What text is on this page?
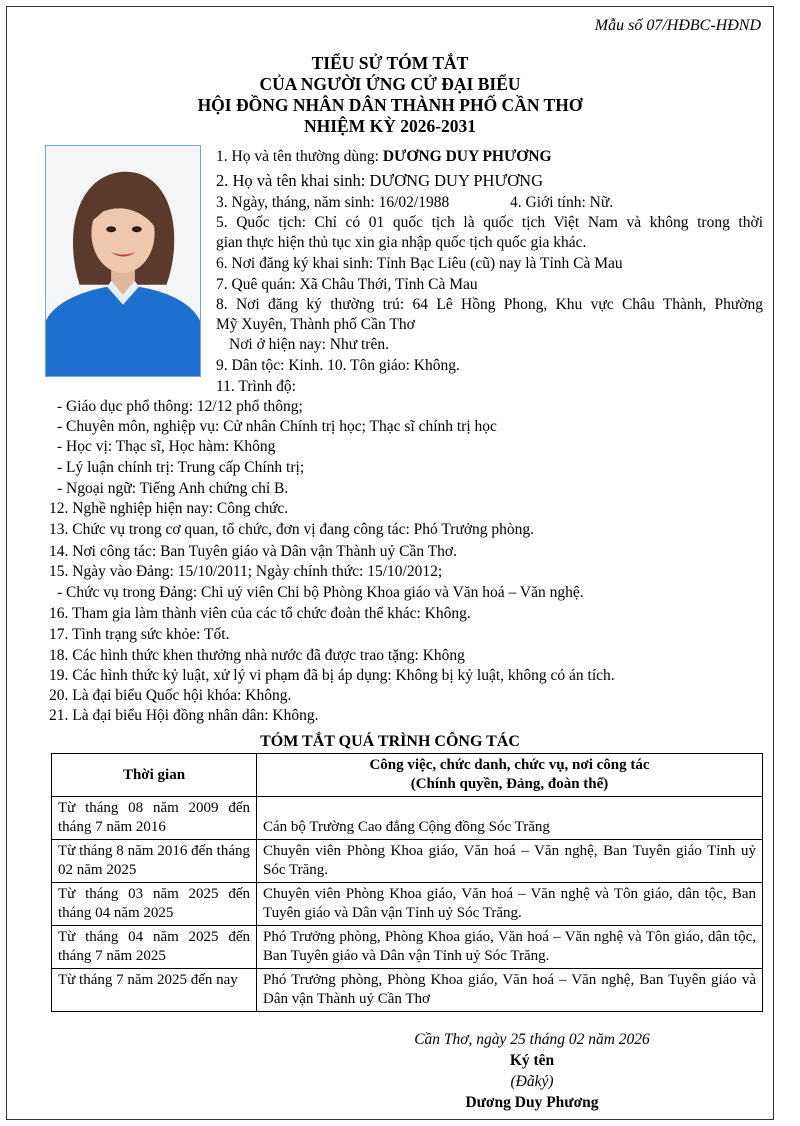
Mẫu số 07/HĐBC-HĐND
TIỂU SỬ TÓM TẮT
CỦA NGƯỜI ỨNG CỬ ĐẠI BIỂU
HỘI ĐỒNG NHÂN DÂN THÀNH PHỐ CẦN THƠ
NHIỆM KỲ 2026-2031
1. Họ và tên thường dùng: DƯƠNG DUY PHƯƠNG
2. Họ và tên khai sinh: DƯƠNG DUY PHƯƠNG
3. Ngày, tháng, năm sinh: 16/02/1988	4. Giới tính: Nữ.
5. Quốc tịch: Chỉ có 01 quốc tịch là quốc tịch Việt Nam và không trong thời
gian thực hiện thủ tục xin gia nhập quốc tịch quốc gia khác.
6. Nơi đăng ký khai sinh: Tỉnh Bạc Liêu (cũ) nay là Tỉnh Cà Mau
7. Quê quán: Xã Châu Thới, Tỉnh Cà Mau
8. Nơi đăng ký thường trú: 64 Lê Hồng Phong, Khu vực Châu Thành, Phường
Mỹ Xuyên, Thành phố Cần Thơ
Nơi ở hiện nay: Như trên.
9. Dân tộc: Kinh. 10. Tôn giáo: Không.
11. Trình độ:
- Giáo dục phổ thông: 12/12 phổ thông;
- Chuyên môn, nghiệp vụ: Cử nhân Chính trị học; Thạc sĩ chính trị học
- Học vị: Thạc sĩ, Học hàm: Không
- Lý luận chính trị: Trung cấp Chính trị;
- Ngoại ngữ: Tiếng Anh chứng chỉ B.
12. Nghề nghiệp hiện nay: Công chức.
13. Chức vụ trong cơ quan, tổ chức, đơn vị đang công tác: Phó Trưởng phòng.
14. Nơi công tác: Ban Tuyên giáo và Dân vận Thành uỷ Cần Thơ.
15. Ngày vào Đảng: 15/10/2011; Ngày chính thức: 15/10/2012;
- Chức vụ trong Đảng: Chi uỷ viên Chi bộ Phòng Khoa giáo và Văn hoá – Văn nghệ.
16. Tham gia làm thành viên của các tổ chức đoàn thể khác: Không.
17. Tình trạng sức khỏe: Tốt.
18. Các hình thức khen thưởng nhà nước đã được trao tặng: Không
19. Các hình thức kỷ luật, xử lý vi phạm đã bị áp dụng: Không bị kỷ luật, không có án tích.
20. Là đại biểu Quốc hội khóa: Không.
21. Là đại biểu Hội đồng nhân dân: Không.
TÓM TẮT QUÁ TRÌNH CÔNG TÁC
Thời gian	Công việc, chức danh, chức vụ, nơi công tác
(Chính quyền, Đảng, đoàn thể)

Từ tháng 08 năm 2009 đến tháng 7 năm 2016	Cán bộ Trường Cao đẳng Cộng đồng Sóc Trăng
Từ tháng 8 năm 2016 đến tháng 02 năm 2025	Chuyên viên Phòng Khoa giáo, Văn hoá – Văn nghệ, Ban Tuyên giáo Tỉnh uỷ Sóc Trăng.
Từ tháng 03 năm 2025 đến tháng 04 năm 2025	Chuyên viên Phòng Khoa giáo, Văn hoá – Văn nghệ và Tôn giáo, dân tộc, Ban Tuyên giáo và Dân vận Tỉnh uỷ Sóc Trăng.
Từ tháng 04 năm 2025 đến tháng 7 năm 2025	Phó Trưởng phòng, Phòng Khoa giáo, Văn hoá – Văn nghệ và Tôn giáo, dân tộc, Ban Tuyên giáo và Dân vận Tỉnh uỷ Sóc Trăng.
Từ tháng 7 năm 2025 đến nay	Phó Trưởng phòng, Phòng Khoa giáo, Văn hoá – Văn nghệ, Ban Tuyên giáo và Dân vận Thành uỷ Cần Thơ
Cần Thơ, ngày 25 tháng 02 năm 2026
Ký tên
(Đãký)
Dương Duy Phương
